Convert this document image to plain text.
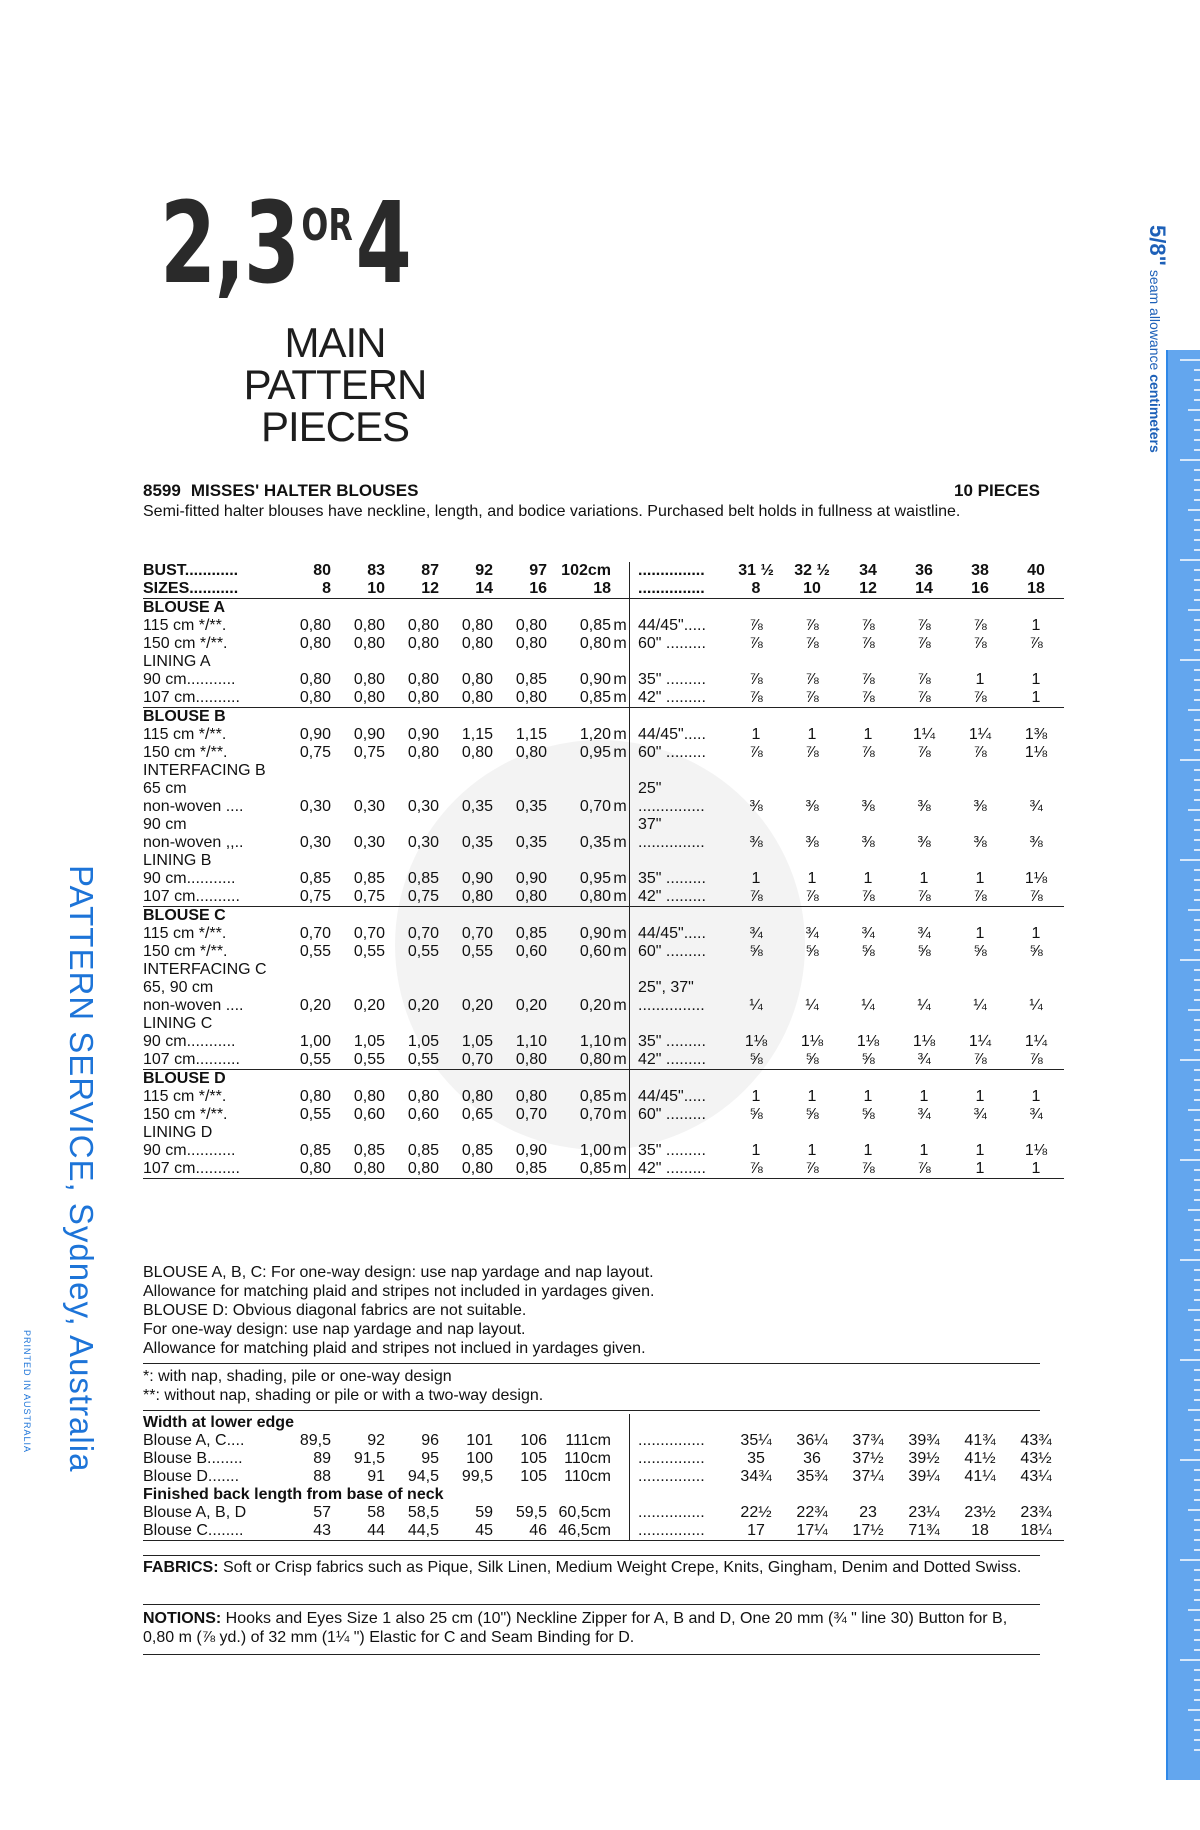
$2,3^{OR}4$
MAIN
PATTERN
PIECES
8599 MISSES' HALTER BLOUSES	10 PIECES
Semi-fitted halter blouses have neckline, length, and bodice variations. Purchased belt holds in fullness at waistline.
BUST............	80	83	87	92	97	102cm			...............	31 ½	32 ½	34	36	38	40
SIZES...........	8	10	12	14	16	18			...............	8	10	12	14	16	18
BLOUSE A															
115 cm */**.	0,80	0,80	0,80	0,80	0,80	0,85	m		44/45".....	⅞	⅞	⅞	⅞	⅞	1
150 cm */**.	0,80	0,80	0,80	0,80	0,80	0,80	m		60" .........	⅞	⅞	⅞	⅞	⅞	⅞
LINING A															
90 cm...........	0,80	0,80	0,80	0,80	0,85	0,90	m		35" .........	⅞	⅞	⅞	⅞	1	1
107 cm..........	0,80	0,80	0,80	0,80	0,80	0,85	m		42" .........	⅞	⅞	⅞	⅞	⅞	1
BLOUSE B															
115 cm */**.	0,90	0,90	0,90	1,15	1,15	1,20	m		44/45".....	1	1	1	1¼	1¼	1⅜
150 cm */**.	0,75	0,75	0,80	0,80	0,80	0,95	m		60" .........	⅞	⅞	⅞	⅞	⅞	1⅛
INTERFACING B															
65 cm									25"						
non-woven ....	0,30	0,30	0,30	0,35	0,35	0,70	m		...............	⅜	⅜	⅜	⅜	⅜	¾
90 cm									37"						
non-woven ,,..	0,30	0,30	0,30	0,35	0,35	0,35	m		...............	⅜	⅜	⅜	⅜	⅜	⅜
LINING B															
90 cm...........	0,85	0,85	0,85	0,90	0,90	0,95	m		35" .........	1	1	1	1	1	1⅛
107 cm..........	0,75	0,75	0,75	0,80	0,80	0,80	m		42" .........	⅞	⅞	⅞	⅞	⅞	⅞
BLOUSE C															
115 cm */**.	0,70	0,70	0,70	0,70	0,85	0,90	m		44/45".....	¾	¾	¾	¾	1	1
150 cm */**.	0,55	0,55	0,55	0,55	0,60	0,60	m		60" .........	⅝	⅝	⅝	⅝	⅝	⅝
INTERFACING C															
65, 90 cm									25", 37"						
non-woven ....	0,20	0,20	0,20	0,20	0,20	0,20	m		...............	¼	¼	¼	¼	¼	¼
LINING C															
90 cm...........	1,00	1,05	1,05	1,05	1,10	1,10	m		35" .........	1⅛	1⅛	1⅛	1⅛	1¼	1¼
107 cm..........	0,55	0,55	0,55	0,70	0,80	0,80	m		42" .........	⅝	⅝	⅝	¾	⅞	⅞
BLOUSE D															
115 cm */**.	0,80	0,80	0,80	0,80	0,80	0,85	m		44/45".....	1	1	1	1	1	1
150 cm */**.	0,55	0,60	0,60	0,65	0,70	0,70	m		60" .........	⅝	⅝	⅝	¾	¾	¾
LINING D															
90 cm...........	0,85	0,85	0,85	0,85	0,90	1,00	m		35" .........	1	1	1	1	1	1⅛
107 cm..........	0,80	0,80	0,80	0,80	0,85	0,85	m		42" .........	⅞	⅞	⅞	⅞	1	1
BLOUSE A, B, C: For one-way design: use nap yardage and nap layout.
Allowance for matching plaid and stripes not included in yardages given.
BLOUSE D: Obvious diagonal fabrics are not suitable.
For one-way design: use nap yardage and nap layout.
Allowance for matching plaid and stripes not inclued in yardages given.
*: with nap, shading, pile or one-way design
**: without nap, shading or pile or with a two-way design.
Width at lower edge															
Blouse A, C....	89,5	92	96	101	106	111cm			...............	35¼	36¼	37¾	39¾	41¾	43¾
Blouse B........	89	91,5	95	100	105	110cm			...............	35	36	37½	39½	41½	43½
Blouse D.......	88	91	94,5	99,5	105	110cm			...............	34¾	35¾	37¼	39¼	41¼	43¼
Finished back length from base of neck															
Blouse A, B, D	57	58	58,5	59	59,5	60,5cm			...............	22½	22¾	23	23¼	23½	23¾
Blouse C........	43	44	44,5	45	46	46,5cm			...............	17	17¼	17½	71¾	18	18¼
FABRICS: Soft or Crisp fabrics such as Pique, Silk Linen, Medium Weight Crepe, Knits, Gingham, Denim and Dotted Swiss.
NOTIONS: Hooks and Eyes Size 1 also 25 cm (10") Neckline Zipper for A, B and D, One 20 mm (¾ " line 30) Button for B, 0,80 m (⅞ yd.) of 32 mm (1¼ ") Elastic for C and Seam Binding for D.
PATTERN SERVICE, Sydney, Australia
PRINTED IN AUSTRALIA
5/8" seam allowance centimeters
